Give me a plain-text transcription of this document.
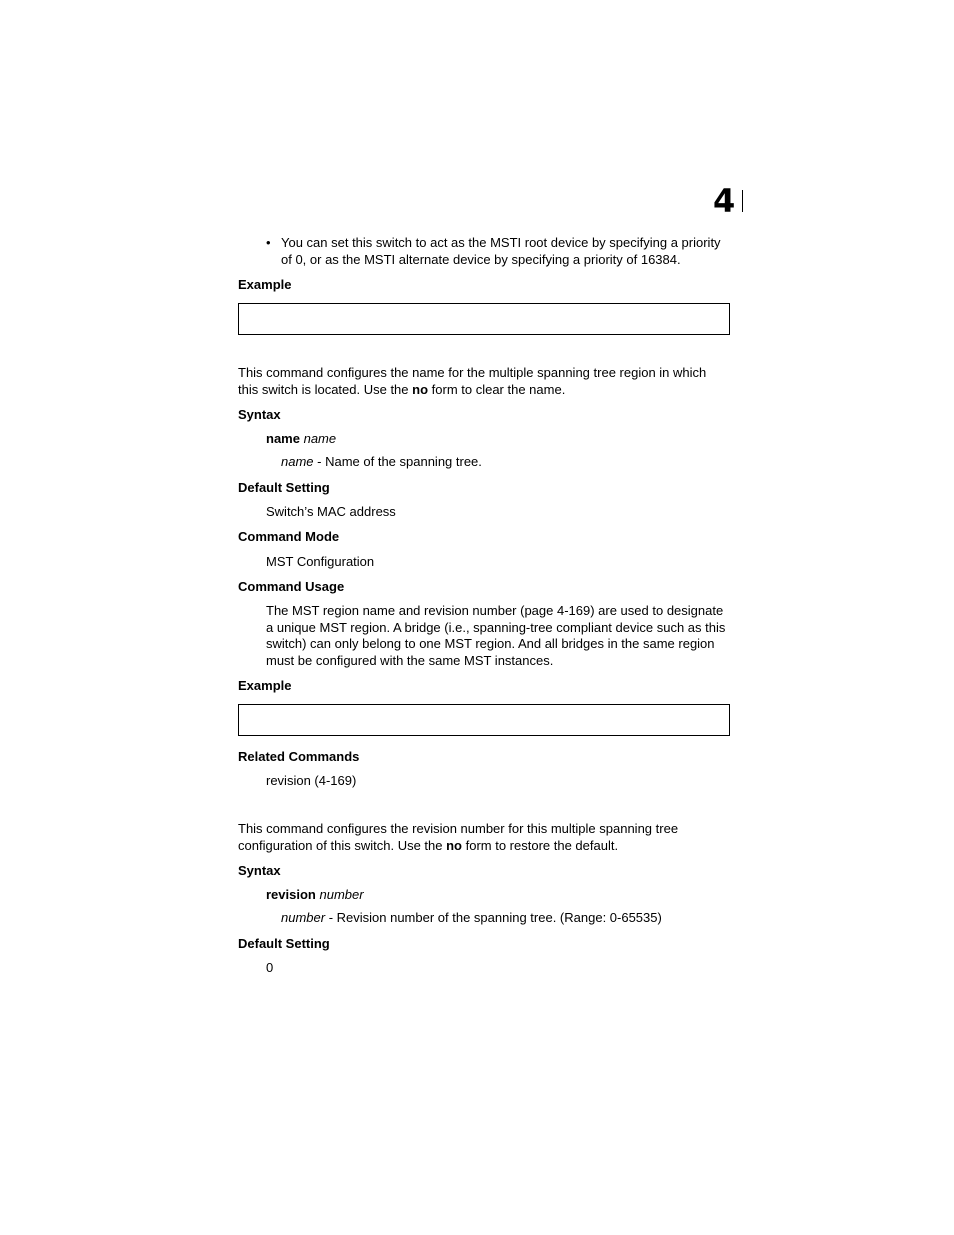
4
• You can set this switch to act as the MSTI root device by specifying a priority of 0, or as the MSTI alternate device by specifying a priority of 16384.
Example
This command configures the name for the multiple spanning tree region in which this switch is located. Use the no form to clear the name.
Syntax
name name
name - Name of the spanning tree.
Default Setting
Switch’s MAC address
Command Mode
MST Configuration
Command Usage
The MST region name and revision number (page 4-169) are used to designate a unique MST region. A bridge (i.e., spanning-tree compliant device such as this switch) can only belong to one MST region. And all bridges in the same region must be configured with the same MST instances.
Example
Related Commands
revision (4-169)
This command configures the revision number for this multiple spanning tree configuration of this switch. Use the no form to restore the default.
Syntax
revision number
number - Revision number of the spanning tree. (Range: 0-65535)
Default Setting
0
